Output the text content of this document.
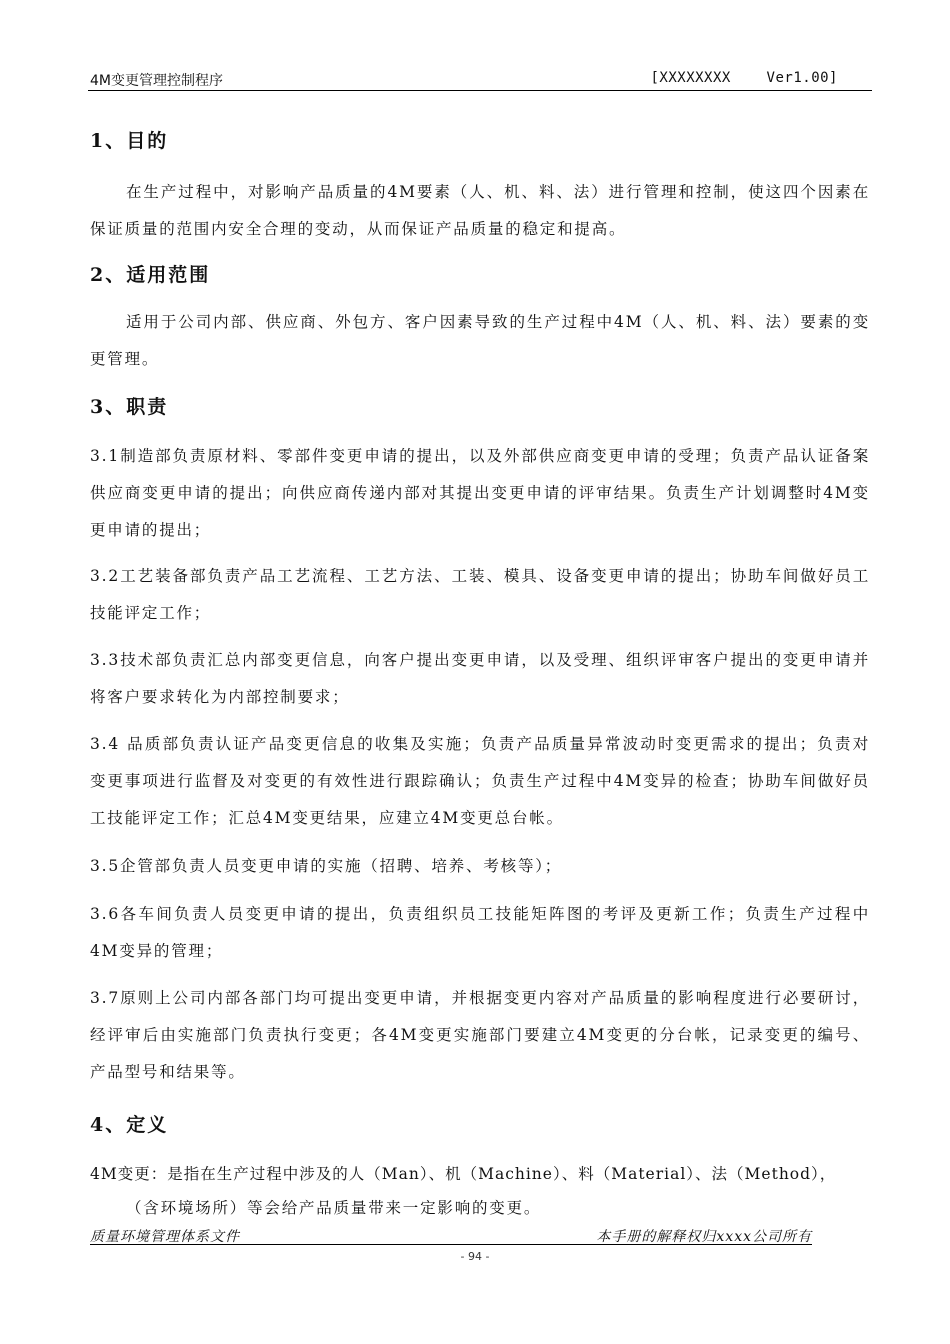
4M变更管理控制程序	[XXXXXXXX    Ver1.00]
1、目的

在生产过程中，对影响产品质量的4M要素（人、机、料、法）进行管理和控制，使这四个因素在保证质量的范围内安全合理的变动，从而保证产品质量的稳定和提高。

2、适用范围

适用于公司内部、供应商、外包方、客户因素导致的生产过程中4M（人、机、料、法）要素的变更管理。

3、职责

3.1制造部负责原材料、零部件变更申请的提出，以及外部供应商变更申请的受理；负责产品认证备案供应商变更申请的提出；向供应商传递内部对其提出变更申请的评审结果。负责生产计划调整时4M变更申请的提出；

3.2工艺装备部负责产品工艺流程、工艺方法、工装、模具、设备变更申请的提出；协助车间做好员工技能评定工作；

3.3技术部负责汇总内部变更信息，向客户提出变更申请，以及受理、组织评审客户提出的变更申请并将客户要求转化为内部控制要求；

3.4 品质部负责认证产品变更信息的收集及实施；负责产品质量异常波动时变更需求的提出；负责对变更事项进行监督及对变更的有效性进行跟踪确认；负责生产过程中4M变异的检查；协助车间做好员工技能评定工作；汇总4M变更结果，应建立4M变更总台帐。

3.5企管部负责人员变更申请的实施（招聘、培养、考核等）；

3.6各车间负责人员变更申请的提出，负责组织员工技能矩阵图的考评及更新工作；负责生产过程中4M变异的管理；

3.7原则上公司内部各部门均可提出变更申请，并根据变更内容对产品质量的影响程度进行必要研讨，经评审后由实施部门负责执行变更；各4M变更实施部门要建立4M变更的分台帐，记录变更的编号、产品型号和结果等。

4、定义

4M变更：是指在生产过程中涉及的人（Man）、机（Machine）、料（Material）、法（Method），

（含环境场所）等会给产品质量带来一定影响的变更。

质量环境管理体系文件	本手册的解释权归xxxx公司所有
- 94 -
